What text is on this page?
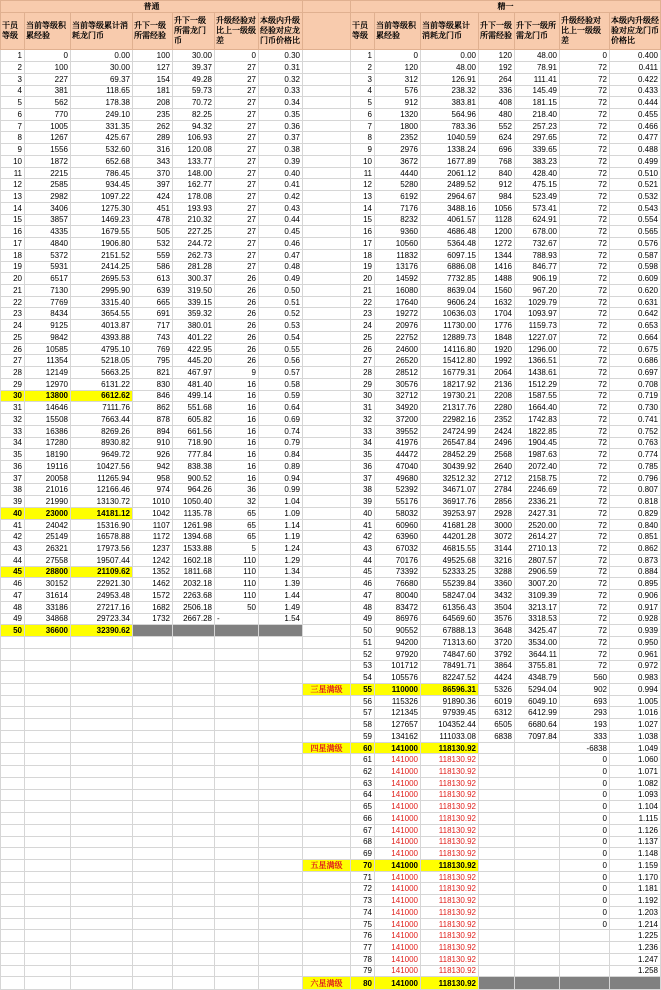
普通								精一						
干员等级	当前等级积累经验	当前等级累计消耗龙门币	升下一级所需经验	升下一级所需龙门币	升级经验对比上一级级差	本级内升级经验对应龙门币价格比		干员等级	当前等级积累经验	当前等级累计消耗龙门币	升下一级所需经验	升下一级所需龙门币	升级经验对比上一级级差	本级内升级经验对应龙门币价格比
1	0	0.00	100	30.00	0	0.30		1	0	0.00	120	48.00	0	0.400
2	100	30.00	127	39.37	27	0.31		2	120	48.00	192	78.91	72	0.411
3	227	69.37	154	49.28	27	0.32		3	312	126.91	264	111.41	72	0.422
4	381	118.65	181	59.73	27	0.33		4	576	238.32	336	145.49	72	0.433
5	562	178.38	208	70.72	27	0.34		5	912	383.81	408	181.15	72	0.444
6	770	249.10	235	82.25	27	0.35		6	1320	564.96	480	218.40	72	0.455
7	1005	331.35	262	94.32	27	0.36		7	1800	783.36	552	257.23	72	0.466
8	1267	425.67	289	106.93	27	0.37		8	2352	1040.59	624	297.65	72	0.477
9	1556	532.60	316	120.08	27	0.38		9	2976	1338.24	696	339.65	72	0.488
10	1872	652.68	343	133.77	27	0.39		10	3672	1677.89	768	383.23	72	0.499
11	2215	786.45	370	148.00	27	0.40		11	4440	2061.12	840	428.40	72	0.510
12	2585	934.45	397	162.77	27	0.41		12	5280	2489.52	912	475.15	72	0.521
13	2982	1097.22	424	178.08	27	0.42		13	6192	2964.67	984	523.49	72	0.532
14	3406	1275.30	451	193.93	27	0.43		14	7176	3488.16	1056	573.41	72	0.543
15	3857	1469.23	478	210.32	27	0.44		15	8232	4061.57	1128	624.91	72	0.554
16	4335	1679.55	505	227.25	27	0.45		16	9360	4686.48	1200	678.00	72	0.565
17	4840	1906.80	532	244.72	27	0.46		17	10560	5364.48	1272	732.67	72	0.576
18	5372	2151.52	559	262.73	27	0.47		18	11832	6097.15	1344	788.93	72	0.587
19	5931	2414.25	586	281.28	27	0.48		19	13176	6886.08	1416	846.77	72	0.598
20	6517	2695.53	613	300.37	26	0.49		20	14592	7732.85	1488	906.19	72	0.609
21	7130	2995.90	639	319.50	26	0.50		21	16080	8639.04	1560	967.20	72	0.620
22	7769	3315.40	665	339.15	26	0.51		22	17640	9606.24	1632	1029.79	72	0.631
23	8434	3654.55	691	359.32	26	0.52		23	19272	10636.03	1704	1093.97	72	0.642
24	9125	4013.87	717	380.01	26	0.53		24	20976	11730.00	1776	1159.73	72	0.653
25	9842	4393.88	743	401.22	26	0.54		25	22752	12889.73	1848	1227.07	72	0.664
26	10585	4795.10	769	422.95	26	0.55		26	24600	14116.80	1920	1296.00	72	0.675
27	11354	5218.05	795	445.20	26	0.56		27	26520	15412.80	1992	1366.51	72	0.686
28	12149	5663.25	821	467.97	9	0.57		28	28512	16779.31	2064	1438.61	72	0.697
29	12970	6131.22	830	481.40	16	0.58		29	30576	18217.92	2136	1512.29	72	0.708
30	13800	6612.62	846	499.14	16	0.59		30	32712	19730.21	2208	1587.55	72	0.719
31	14646	7111.76	862	551.68	16	0.64		31	34920	21317.76	2280	1664.40	72	0.730
32	15508	7663.44	878	605.82	16	0.69		32	37200	22982.16	2352	1742.83	72	0.741
33	16386	8269.26	894	661.56	16	0.74		33	39552	24724.99	2424	1822.85	72	0.752
34	17280	8930.82	910	718.90	16	0.79		34	41976	26547.84	2496	1904.45	72	0.763
35	18190	9649.72	926	777.84	16	0.84		35	44472	28452.29	2568	1987.63	72	0.774
36	19116	10427.56	942	838.38	16	0.89		36	47040	30439.92	2640	2072.40	72	0.785
37	20058	11265.94	958	900.52	16	0.94		37	49680	32512.32	2712	2158.75	72	0.796
38	21016	12166.46	974	964.26	36	0.99		38	52392	34671.07	2784	2246.69	72	0.807
39	21990	13130.72	1010	1050.40	32	1.04		39	55176	36917.76	2856	2336.21	72	0.818
40	23000	14181.12	1042	1135.78	65	1.09		40	58032	39253.97	2928	2427.31	72	0.829
41	24042	15316.90	1107	1261.98	65	1.14		41	60960	41681.28	3000	2520.00	72	0.840
42	25149	16578.88	1172	1394.68	65	1.19		42	63960	44201.28	3072	2614.27	72	0.851
43	26321	17973.56	1237	1533.88	5	1.24		43	67032	46815.55	3144	2710.13	72	0.862
44	27558	19507.44	1242	1602.18	110	1.29		44	70176	49525.68	3216	2807.57	72	0.873
45	28800	21109.62	1352	1811.68	110	1.34		45	73392	52333.25	3288	2906.59	72	0.884
46	30152	22921.30	1462	2032.18	110	1.39		46	76680	55239.84	3360	3007.20	72	0.895
47	31614	24953.48	1572	2263.68	110	1.44		47	80040	58247.04	3432	3109.39	72	0.906
48	33186	27217.16	1682	2506.18	50	1.49		48	83472	61356.43	3504	3213.17	72	0.917
49	34868	29723.34	1732	2667.28	-	1.54		49	86976	64569.60	3576	3318.53	72	0.928
50	36600	32390.62						50	90552	67888.13	3648	3425.47	72	0.939
								51	94200	71313.60	3720	3534.00	72	0.950
								52	97920	74847.60	3792	3644.11	72	0.961
								53	101712	78491.71	3864	3755.81	72	0.972
								54	105576	82247.52	4424	4348.79	560	0.983
							三星满级	55	110000	86596.31	5326	5294.04	902	0.994
								56	115326	91890.36	6019	6049.10	693	1.005
								57	121345	97939.45	6312	6412.99	293	1.016
								58	127657	104352.44	6505	6680.64	193	1.027
								59	134162	111033.08	6838	7097.84	333	1.038
							四星满级	60	141000	118130.92			-6838	1.049
								61	141000	118130.92			0	1.060
								62	141000	118130.92			0	1.071
								63	141000	118130.92			0	1.082
								64	141000	118130.92			0	1.093
								65	141000	118130.92			0	1.104
								66	141000	118130.92			0	1.115
								67	141000	118130.92			0	1.126
								68	141000	118130.92			0	1.137
								69	141000	118130.92			0	1.148
							五星满级	70	141000	118130.92			0	1.159
								71	141000	118130.92			0	1.170
								72	141000	118130.92			0	1.181
								73	141000	118130.92			0	1.192
								74	141000	118130.92			0	1.203
								75	141000	118130.92			0	1.214
								76	141000	118130.92				1.225
								77	141000	118130.92				1.236
								78	141000	118130.92				1.247
								79	141000	118130.92				1.258
							六星满级	80	141000	118130.92				
